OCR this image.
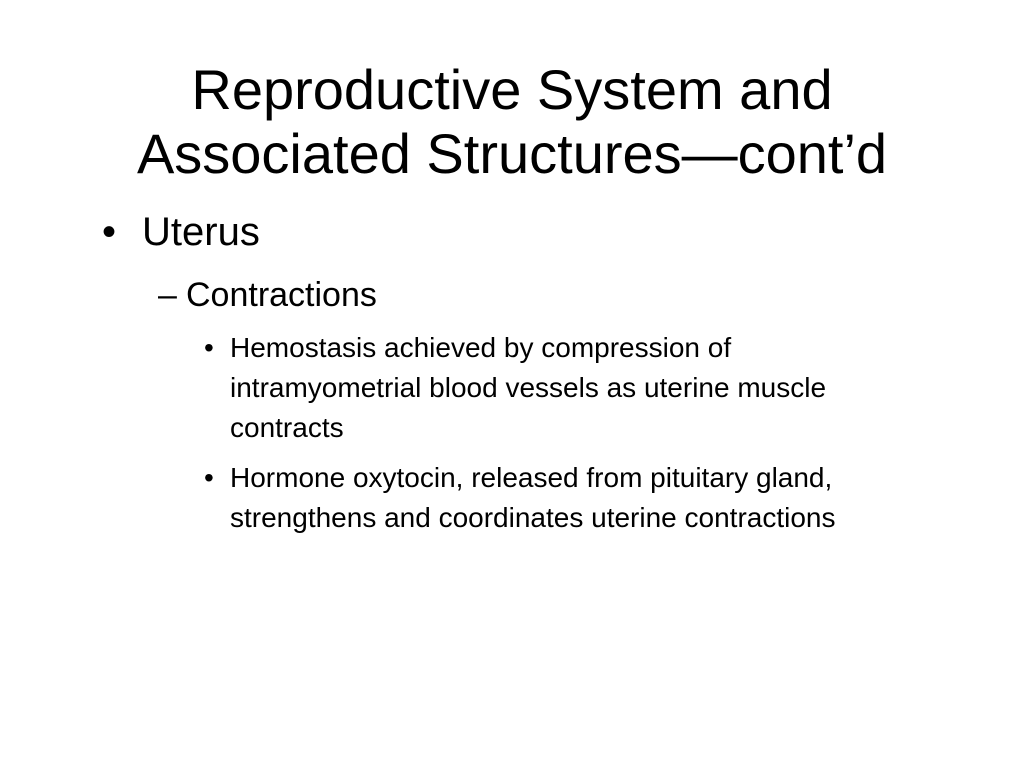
Reproductive System and
Associated Structures—cont’d
• Uterus
– Contractions
• Hemostasis achieved by compression of intramyometrial blood vessels as uterine muscle contracts
• Hormone oxytocin, released from pituitary gland, strengthens and coordinates uterine contractions
